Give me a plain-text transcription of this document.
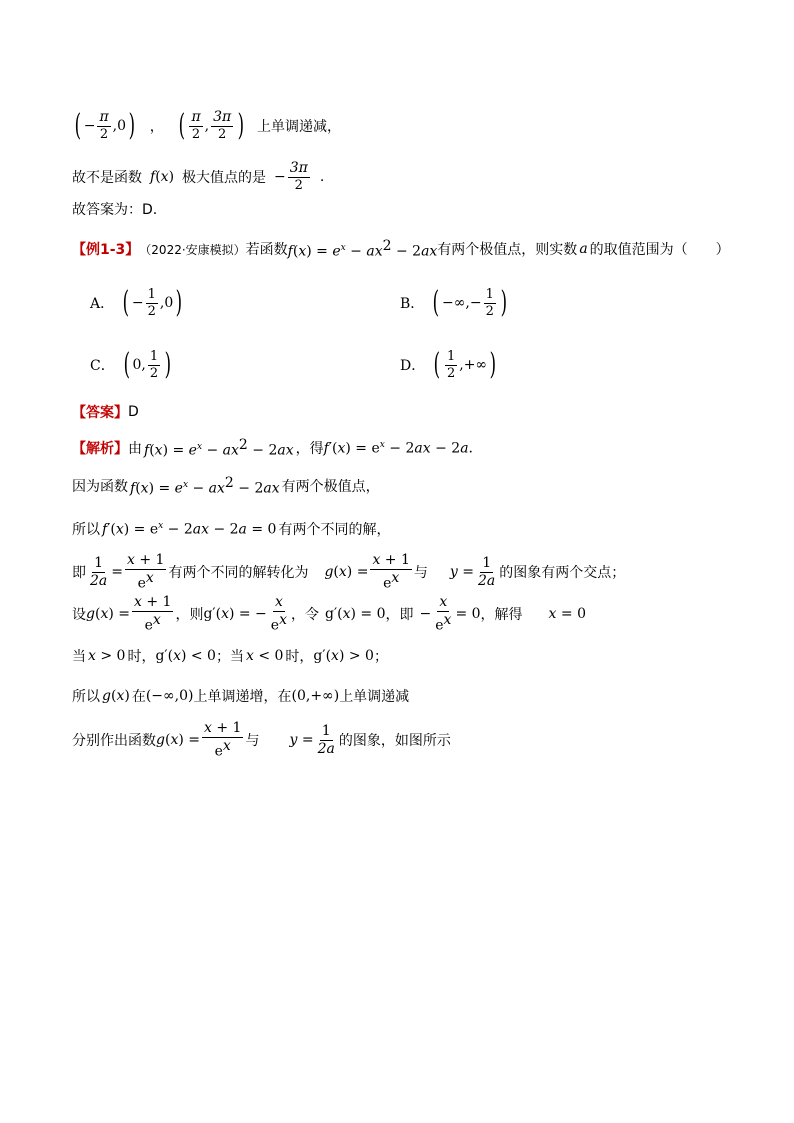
( − $\frac{\pi}{2}$ , 0 ) ， ( $\frac{\pi}{2}$ , $\frac{3\pi}{2}$ ) 上单调递减，
故不是函数 f(x) 极大值点的是 − $\frac{3\pi}{2}$ .
故答案为：D.
【例1-3】 （2022·安康模拟） 若函数 $f(x) = e^x - ax^2 - 2ax$ 有两个极值点，则实数 a 的取值范围为（　　）
A． ( − $\frac{1}{2}$ , 0 )	B． ( −∞ ,− $\frac{1}{2}$ )
C． ( 0 , $\frac{1}{2}$ )	D． ( $\frac{1}{2}$ , +∞ )
【答案】 D
【解析】 由 $f(x) = e^x - ax^2 - 2ax$ ，得 $f'(x) = e^x - 2ax - 2a$.
因为函数 $f(x) = e^x - ax^2 - 2ax$ 有两个极值点，
所以 $f'(x) = e^x - 2ax - 2a = 0$ 有两个不同的解，
即 $\frac{1}{2a} = \frac{x + 1}{e^x}$ 有两个不同的解转化为 $g(x) = \frac{x + 1}{e^x}$ 与 $y = \frac{1}{2a}$ 的图象有两个交点；
设 $g(x) = \frac{x + 1}{e^x}$ ，则 g′( x ) = − $\frac{x}{e^x}$ ，令 g′( x ) = 0 ，即 − $\frac{x}{e^x} = 0$ ，解得 x = 0
当 x > 0 时， g′( x ) < 0 ；当 x < 0 时， g′( x ) > 0 ；
所以 g(x) 在 (−∞,0) 上单调递增，在 (0,+∞) 上单调递减
分别作出函数 $g(x) = \frac{x + 1}{e^x}$ 与 $y = \frac{1}{2a}$ 的图象，如图所示
